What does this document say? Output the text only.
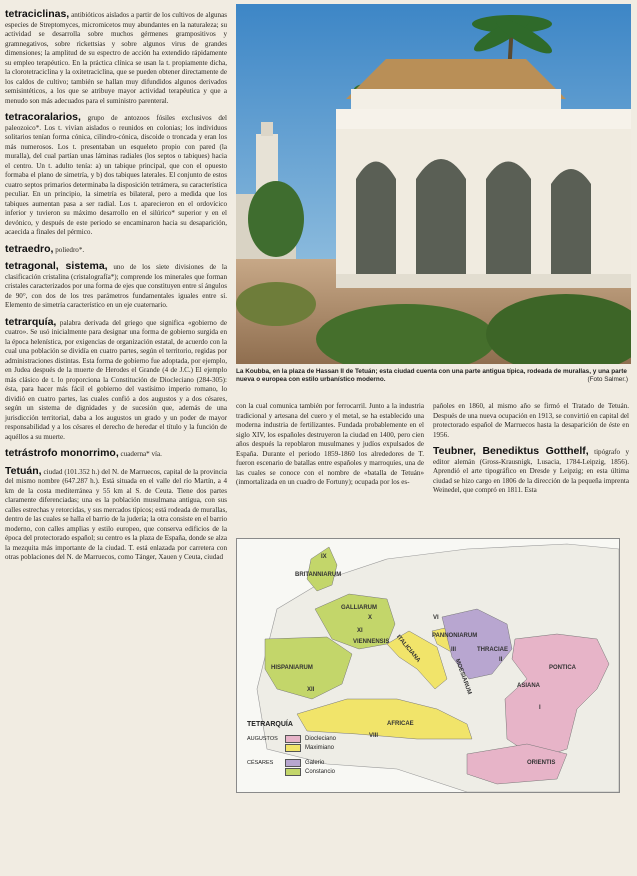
tetraciclinas, antibióticos aislados a partir de los cultivos de algunas especies de Streptomyces, micromicetos muy abundantes en la naturaleza; su actividad se desarrolla sobre muchos gérmenes grampositivos y gramnegativos, sobre rickettsias y sobre algunos virus de grandes dimensiones; la amplitud de su espectro de acción ha extendido rápidamente su empleo terapéutico. En la práctica clínica se usan la t. propiamente dicha, la clorotetraciclina y la oxitetraciclina, que se pueden obtener directamente de los caldos de cultivo; también se hallan muy difundidos algunos derivados semisintéticos, a los que se atribuye mayor actividad terapéutica y que a menudo son más adecuados para el suministro parenteral.

tetracoralarios, grupo de antozoos fósiles exclusivos del paleozoico*. Los t. vivían aislados o reunidos en colonias; los individuos solitarios tenían forma cónica, cilindro-cónica, discoide o troncada y eran los más numerosos. Los t. presentaban un esqueleto propio con pared (la muralla), del cual partían unas láminas radiales (los septos o tabiques) hacia el centro. Un t. adulto tenía: a) un tabique principal, que con el opuesto formaba el plano de simetría, y b) dos tabiques laterales. El conjunto de estos cuatro septos primarios determinaba la disposición tetrámera, su característica peculiar. En un principio, la simetría es bilateral, pero a medida que los tabiques aumentan pasa a ser radial. Los t. aparecieron en el ordovícico inferior y tuvieron su máximo desarrollo en el silúrico* superior y en el devónico, y después de este periodo se encaminaron hacia su desaparición, acaecida a finales del pérmico.

tetraedro, poliedro*.

tetragonal, sistema, uno de los siete divisiones de la clasificación cristalina (cristalografía*); comprende los minerales que forman cristales caracterizados por una forma de ejes que constituyen entre sí ángulos de 90°, con dos de los tres parámetros fundamentales iguales entre sí. Elemento de simetría característico en un eje cuaternario.

tetrarquía, palabra derivada del griego que significa «gobierno de cuatro». Se usó inicialmente para designar una forma de gobierno surgida en la época helenística, por exigencias de organización estatal, de acuerdo con la cual una población se dividía en cuatro partes, según el territorio, regidas por administraciones distintas. Esta forma de gobierno fue adoptada, por ejemplo, en Judea después de la muerte de Herodes el Grande (4 de J.C.) El ejemplo más clásico de t. lo proporciona la Constitución de Diocleciano (284-305): ésta, para hacer más fácil el gobierno del vastísimo imperio romano, lo dividió en cuatro partes, las cuales confió a dos augustos y a dos césares, según un sistema de dignidades y de sucesión que, además de una jurisdicción territorial, daba a los augustos un grado y un poder de mayor responsabilidad y a los césares el derecho de heredar el título y la función de aquéllos a su muerte.

tetrástrofo monorrimo, cuaderna* vía.

Tetuán, ciudad (101.352 h.) del N. de Marruecos, capital de la provincia del mismo nombre (647.287 h.). Está situada en el valle del río Martín, a 4 km de la costa mediterránea y 55 km al S. de Ceuta. Tiene dos partes claramente diferenciadas; una es la población musulmana antigua, con sus calles estrechas y retorcidas, y sus mercados típicos; está rodeada de murallas, dentro de las cuales se halla el barrio de la judería; la otra consiste en el barrio moderno, con calles amplias y estilo europeo, que conserva edificios de la época del protectorado español; su centro es la plaza de España, donde se alza la mezquita más importante de la ciudad. T. está enlazada por carretera con otras poblaciones del N. de Marruecos, como Tánger, Xauen y Ceuta, ciudad

La Koubba, en la plaza de Hassan II de Tetuán; esta ciudad cuenta con una parte antigua típica, rodeada de murallas, y una parte nueva o europea con estilo urbanístico moderno.	(Foto Salmer.)
con la cual comunica también por ferrocarril. Junto a la industria tradicional y artesana del cuero y el metal, se ha establecido una moderna industria de fertilizantes. Fundada probablemente en el siglo XIV, los españoles destruyeron la ciudad en 1400, pero cien años después la repoblaron musulmanes y judíos expulsados de España. Durante el periodo 1859-1860 los alrededores de T. fueron escenario de batallas entre españoles y marroquíes, una de las cuales se conoce con el nombre de «batalla de Tetuán» (inmortalizada en un cuadro de Fortuny); ocupada por los es-

pañoles en 1860, al mismo año se firmó el Tratado de Tetuán. Después de una nueva ocupación en 1913, se convirtió en capital del protectorado español de Marruecos hasta la desaparición de éste en 1956.

Teubner, Benediktus Gotthelf, tipógrafo y editor alemán (Gross-Krausnigk, Lusacia, 1784-Leipzig, 1856). Aprendió el arte tipográfico en Dresde y Leipzig; en esta última ciudad se hizo cargo en 1806 de la dirección de la pequeña imprenta Weinedel, que compró en 1811. Esta

IX
BRITANNIARUM
GALLIARUM
X
XI
VIENNENSIS
XII
HISPANIARUM
AFRICAE
VIII
VI
PANNONIARUM
III
ITALICIANA
MOESIARUM
THRACIAE
II
ASIANA
PONTICA
I
ORIENTIS
TETRARQUÍA
AUGUSTOS	Diocleciano
Maximiano
CÉSARES	Galerio
Constancio
